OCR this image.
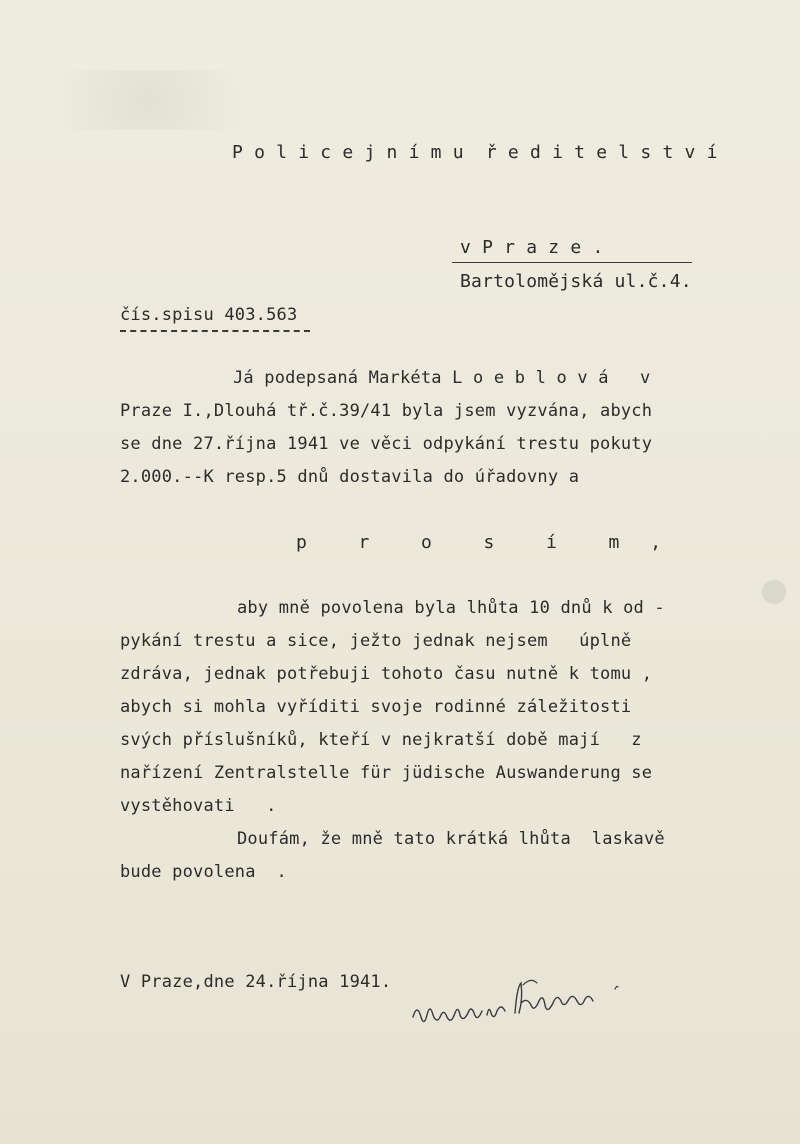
P o l i c e j n í m u  ř e d i t e l s t v í
v P r a z e .
Bartolomějská ul.č.4.
čís.spisu 403.563
Já podepsaná Markéta L o e b l o v á   v
Praze I.,Dlouhá tř.č.39/41 byla jsem vyzvána, abych
se dne 27.října 1941 ve věci odpykání trestu pokuty
2.000.--K resp.5 dnů dostavila do úřadovny a
p  r  o  s  í  m ,
aby mně povolena byla lhůta 10 dnů k od -
pykání trestu a sice, ježto jednak nejsem   úplně
zdráva, jednak potřebuji tohoto času nutně k tomu ,
abych si mohla vyříditi svoje rodinné záležitosti
svých příslušníků, kteří v nejkratší době mají   z
nařízení Zentralstelle für jüdische Auswanderung se
vystěhovati   .
Doufám, že mně tato krátká lhůta  laskavě
bude povolena  .
V Praze,dne 24.října 1941.
